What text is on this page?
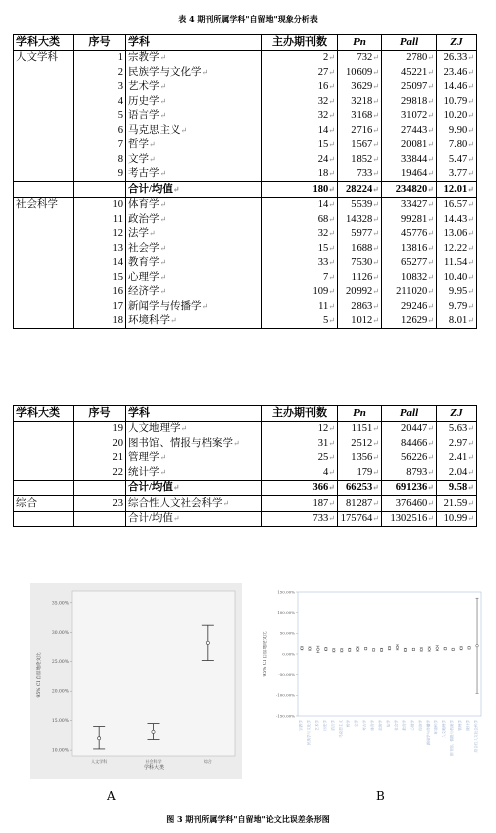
表 4 期刊所属学科"自留地"现象分析表
学科大类	序号	学科	主办期刊数	Pn	Pall	ZJ
人文学科	1	宗教学↵	2↵	732↵	2780↵	26.33↵
	2	民族学与文化学↵	27↵	10609↵	45221↵	23.46↵
	3	艺术学↵	16↵	3629↵	25097↵	14.46↵
	4	历史学↵	32↵	3218↵	29818↵	10.79↵
	5	语言学↵	32↵	3168↵	31072↵	10.20↵
	6	马克思主义↵	14↵	2716↵	27443↵	9.90↵
	7	哲学↵	15↵	1567↵	20081↵	7.80↵
	8	文学↵	24↵	1852↵	33844↵	5.47↵
	9	考古学↵	18↵	733↵	19464↵	3.77↵
		合计/均值↵	180↵	28224↵	234820↵	12.01↵
社会科学	10	体育学↵	14↵	5539↵	33427↵	16.57↵
	11	政治学↵	68↵	14328↵	99281↵	14.43↵
	12	法学↵	32↵	5977↵	45776↵	13.06↵
	13	社会学↵	15↵	1688↵	13816↵	12.22↵
	14	教育学↵	33↵	7530↵	65277↵	11.54↵
	15	心理学↵	7↵	1126↵	10832↵	10.40↵
	16	经济学↵	109↵	20992↵	211020↵	9.95↵
	17	新闻学与传播学↵	11↵	2863↵	29246↵	9.79↵
	18	环境科学↵	5↵	1012↵	12629↵	8.01↵
学科大类	序号	学科	主办期刊数	Pn	Pall	ZJ
	19	人文地理学↵	12↵	1151↵	20447↵	5.63↵
	20	图书馆、情报与档案学↵	31↵	2512↵	84466↵	2.97↵
	21	管理学↵	25↵	1356↵	56226↵	2.41↵
	22	统计学↵	4↵	179↵	8793↵	2.04↵
		合计/均值↵	366↵	66253↵	691236↵	9.58↵
综合	23	综合性人文社会科学↵	187↵	81287↵	376460↵	21.59↵
		合计/均值↵	733↵	175764↵	1302516↵	10.99↵
35.00%
30.00%
25.00%
20.00%
15.00%
10.00%
人文学科	社会科学	综合
95% CI 自留地论文比
学科大类
150.00%
100.00%
50.00%
0.00%
-50.00%
-100.00%
-150.00%
宗教学 民族学与文化学 艺术学 历史学 语言学 马克思主义 哲学 文学 考古学 体育学 政治学 法学 社会学 教育学 心理学 经济学 新闻学与传播学 环境科学 人文地理学 图书馆、情报与档案学 管理学 统计学 综合性人文社会科学
95% CI 自留地论文比
A	B
图 3 期刊所属学科"自留地"论文比误差条形图
